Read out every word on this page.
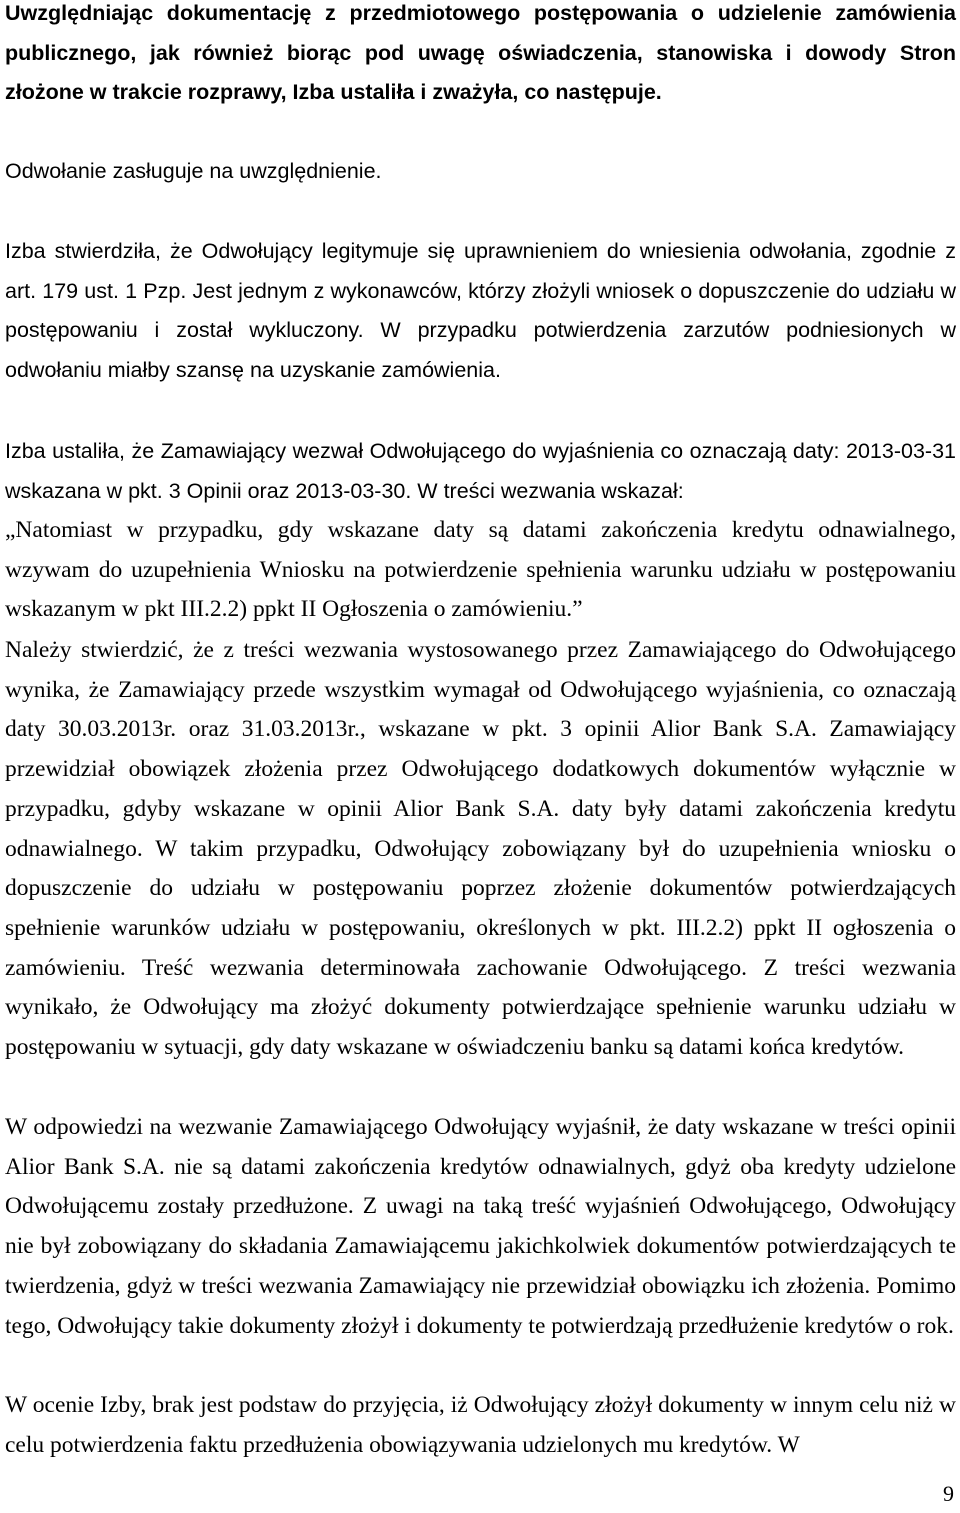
Uwzględniając dokumentację z przedmiotowego postępowania o udzielenie zamówienia publicznego, jak również biorąc pod uwagę oświadczenia, stanowiska i dowody Stron złożone w trakcie rozprawy, Izba ustaliła i zważyła, co następuje.

Odwołanie zasługuje na uwzględnienie.

Izba stwierdziła, że Odwołujący legitymuje się uprawnieniem do wniesienia odwołania, zgodnie z art. 179 ust. 1 Pzp. Jest jednym z wykonawców, którzy złożyli wniosek o dopuszczenie do udziału w postępowaniu i został wykluczony. W przypadku potwierdzenia zarzutów podniesionych w odwołaniu miałby szansę na uzyskanie zamówienia.

Izba ustaliła, że Zamawiający wezwał Odwołującego do wyjaśnienia co oznaczają daty: 2013-03-31 wskazana w pkt. 3 Opinii oraz 2013-03-30. W treści wezwania wskazał:

„Natomiast w przypadku, gdy wskazane daty są datami zakończenia kredytu odnawialnego, wzywam do uzupełnienia Wniosku na potwierdzenie spełnienia warunku udziału w postępowaniu wskazanym w pkt III.2.2) ppkt II Ogłoszenia o zamówieniu.”

Należy stwierdzić, że z treści wezwania wystosowanego przez Zamawiającego do Odwołującego wynika, że Zamawiający przede wszystkim wymagał od Odwołującego wyjaśnienia, co oznaczają daty 30.03.2013r. oraz 31.03.2013r., wskazane w pkt. 3 opinii Alior Bank S.A. Zamawiający przewidział obowiązek złożenia przez Odwołującego dodatkowych dokumentów wyłącznie w przypadku, gdyby wskazane w opinii Alior Bank S.A. daty były datami zakończenia kredytu odnawialnego. W takim przypadku, Odwołujący zobowiązany był do uzupełnienia wniosku o dopuszczenie do udziału w postępowaniu poprzez złożenie dokumentów potwierdzających spełnienie warunków udziału w postępowaniu, określonych w pkt. III.2.2) ppkt II ogłoszenia o zamówieniu. Treść wezwania determinowała zachowanie Odwołującego. Z treści wezwania wynikało, że Odwołujący ma złożyć dokumenty potwierdzające spełnienie warunku udziału w postępowaniu w sytuacji, gdy daty wskazane w oświadczeniu banku są datami końca kredytów.

W odpowiedzi na wezwanie Zamawiającego Odwołujący wyjaśnił, że daty wskazane w treści opinii Alior Bank S.A. nie są datami zakończenia kredytów odnawialnych, gdyż oba kredyty udzielone Odwołującemu zostały przedłużone. Z uwagi na taką treść wyjaśnień Odwołującego, Odwołujący nie był zobowiązany do składania Zamawiającemu jakichkolwiek dokumentów potwierdzających te twierdzenia, gdyż w treści wezwania Zamawiający nie przewidział obowiązku ich złożenia. Pomimo tego, Odwołujący takie dokumenty złożył i dokumenty te potwierdzają przedłużenie kredytów o rok.

W ocenie Izby, brak jest podstaw do przyjęcia, iż Odwołujący złożył dokumenty w innym celu niż w celu potwierdzenia faktu przedłużenia obowiązywania udzielonych mu kredytów. W

9
